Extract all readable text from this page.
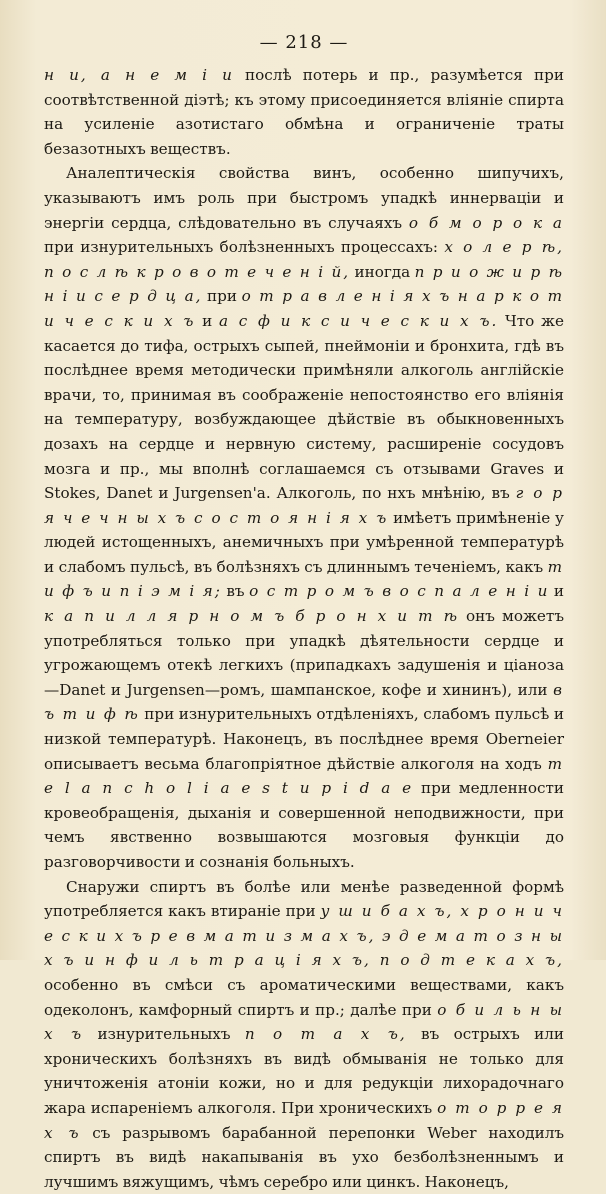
— 218 —

н и, а н е м і и послѣ потерь и пр., разумѣется при соотвѣтственной діэтѣ; къ этому присоединяется вліяніе спирта на усиленіе азотистаго обмѣна и ограниченіе траты безазотныхъ веществъ.

Аналептическія свойства винъ, особенно шипучихъ, указываютъ имъ роль при быстромъ упадкѣ иннерваціи и энергіи сердца, слѣдовательно въ случаяхъ о б м о р о к а при изнурительныхъ болѣзненныхъ процессахъ: х о л е р ѣ, п о с л ѣ к р о в о т е ч е н і й, иногда п р и о ж и р ѣ н і и с е р д ц а, при о т р а в л е н і я х ъ н а р к о т и ч е с к и х ъ и а с ф и к с и ч е с к и х ъ. Что же касается до тифа, острыхъ сыпей, пнеймоніи и бронхита, гдѣ въ послѣднее время методически примѣняли алкоголь англійскіе врачи, то, принимая въ соображеніе непостоянство его вліянія на температуру, возбуждающее дѣйствіе въ обыкновенныхъ дозахъ на сердце и нервную систему, расширеніе сосудовъ мозга и пр., мы вполнѣ соглашаемся съ отзывами Graves и Stokes, Danet и Jurgensen'а. Алкоголь, по нхъ мнѣнію, въ г о р я ч е ч н ы х ъ с о с т о я н і я х ъ имѣетъ примѣненіе у людей истощенныхъ, анемичныхъ при умѣренной температурѣ и слабомъ пульсѣ, въ болѣзняхъ съ длиннымъ теченіемъ, какъ т и ф ъ и п і э м і я; въ о с т р о м ъ в о с п а л е н і и и к а п и л л я р н о м ъ б р о н х и т ѣ онъ можетъ употребляться только при упадкѣ дѣятельности сердце и угрожающемъ отекѣ легкихъ (припадкахъ задушенія и ціаноза—Danet и Jurgensen—ромъ, шампанское, кофе и хининъ), или в ъ т и ф ѣ при изнурительныхъ отдѣленіяхъ, слабомъ пульсѣ и низкой температурѣ. Наконецъ, въ послѣднее время Oberneier описываетъ весьма благопріятное дѣйствіе алкоголя на ходъ m e l a n c h o l i a e s t u p i d a e при медленности кровеобращенія, дыханія и совершенной неподвижности, при чемъ явственно возвышаются мозговыя функціи до разговорчивости и сознанія больныхъ.

Снаружи спиртъ въ болѣе или менѣе разведенной формѣ употребляется какъ втираніе при у ш и б а х ъ, х р о н и ч е с к и х ъ р е в м а т и з м а х ъ, э д е м а т о з н ы х ъ и н ф и л ь т р а ц і я х ъ, п о д т е к а х ъ, особенно въ смѣси съ ароматическими веществами, какъ одеколонъ, камфорный спиртъ и пр.; далѣе при о б и л ь н ы х ъ изнурительныхъ п о т а х ъ, въ острыхъ или хроническихъ болѣзняхъ въ видѣ обмыванія не только для уничтоженія атоніи кожи, но и для редукціи лихорадочнаго жара испареніемъ алкоголя. При хроническихъ о т о р р е я х ъ съ разрывомъ барабанной перепонки Weber находилъ спиртъ въ видѣ накапыванія въ ухо безболѣзненнымъ и лучшимъ вяжущимъ, чѣмъ серебро или цинкъ. Наконецъ,
